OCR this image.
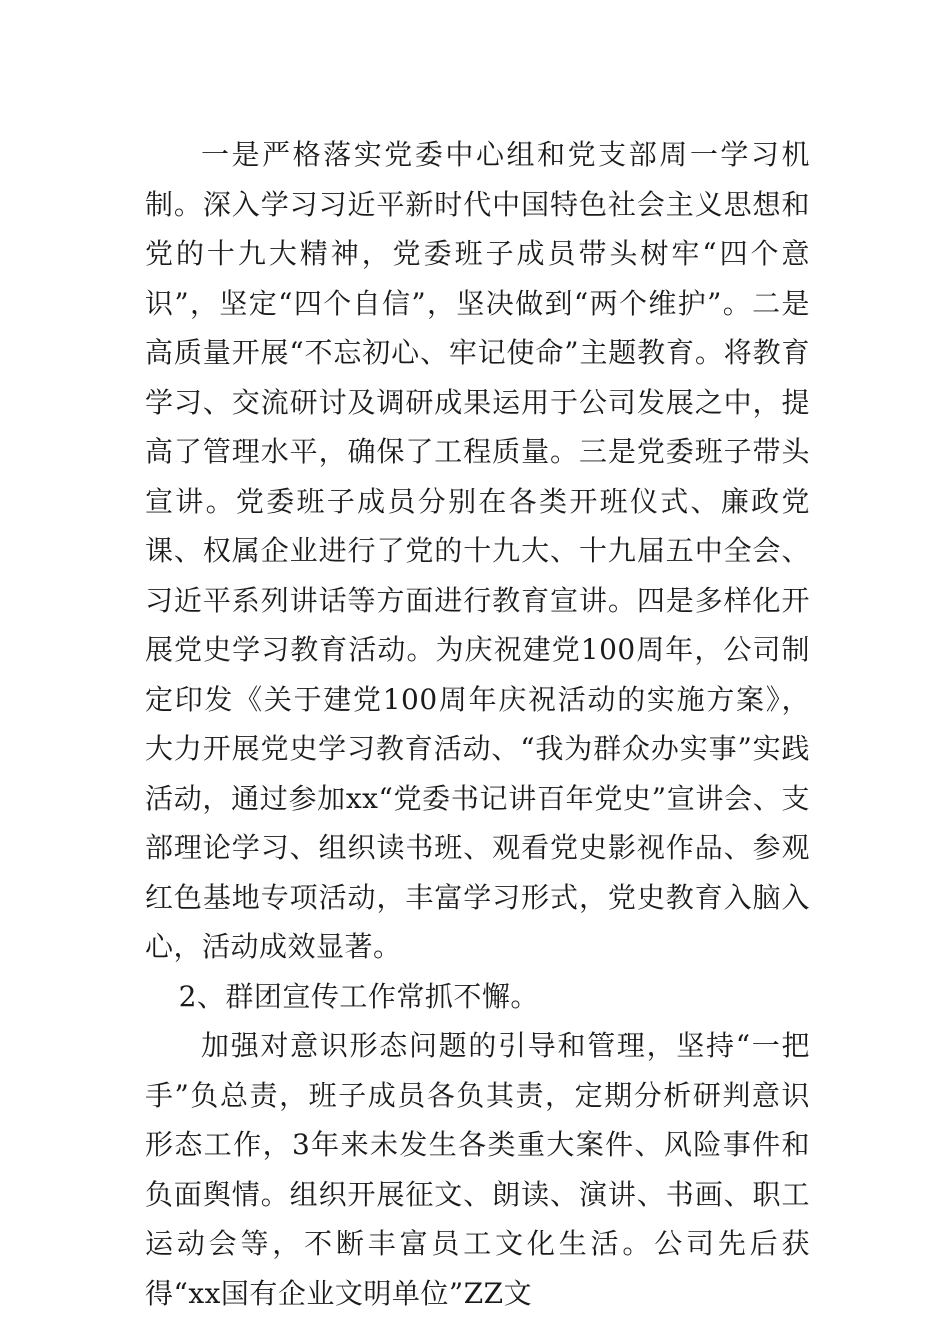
一是严格落实党委中心组和党支部周一学习机制。深入学习习近平新时代中国特色社会主义思想和党的十九大精神，党委班子成员带头树牢“四个意识”，坚定“四个自信”，坚决做到“两个维护”。二是高质量开展“不忘初心、牢记使命”主题教育。将教育学习、交流研讨及调研成果运用于公司发展之中，提高了管理水平，确保了工程质量。三是党委班子带头宣讲。党委班子成员分别在各类开班仪式、廉政党课、权属企业进行了党的十九大、十九届五中全会、习近平系列讲话等方面进行教育宣讲。四是多样化开展党史学习教育活动。为庆祝建党100周年，公司制定印发《关于建党100周年庆祝活动的实施方案》，大力开展党史学习教育活动、“我为群众办实事”实践活动，通过参加xx“党委书记讲百年党史”宣讲会、支部理论学习、组织读书班、观看党史影视作品、参观红色基地专项活动，丰富学习形式，党史教育入脑入心，活动成效显著。

2、群团宣传工作常抓不懈。

加强对意识形态问题的引导和管理，坚持“一把手”负总责，班子成员各负其责，定期分析研判意识形态工作，3年来未发生各类重大案件、风险事件和负面舆情。组织开展征文、朗读、演讲、书画、职工运动会等，不断丰富员工文化生活。公司先后获得“xx国有企业文明单位”ZZ文
